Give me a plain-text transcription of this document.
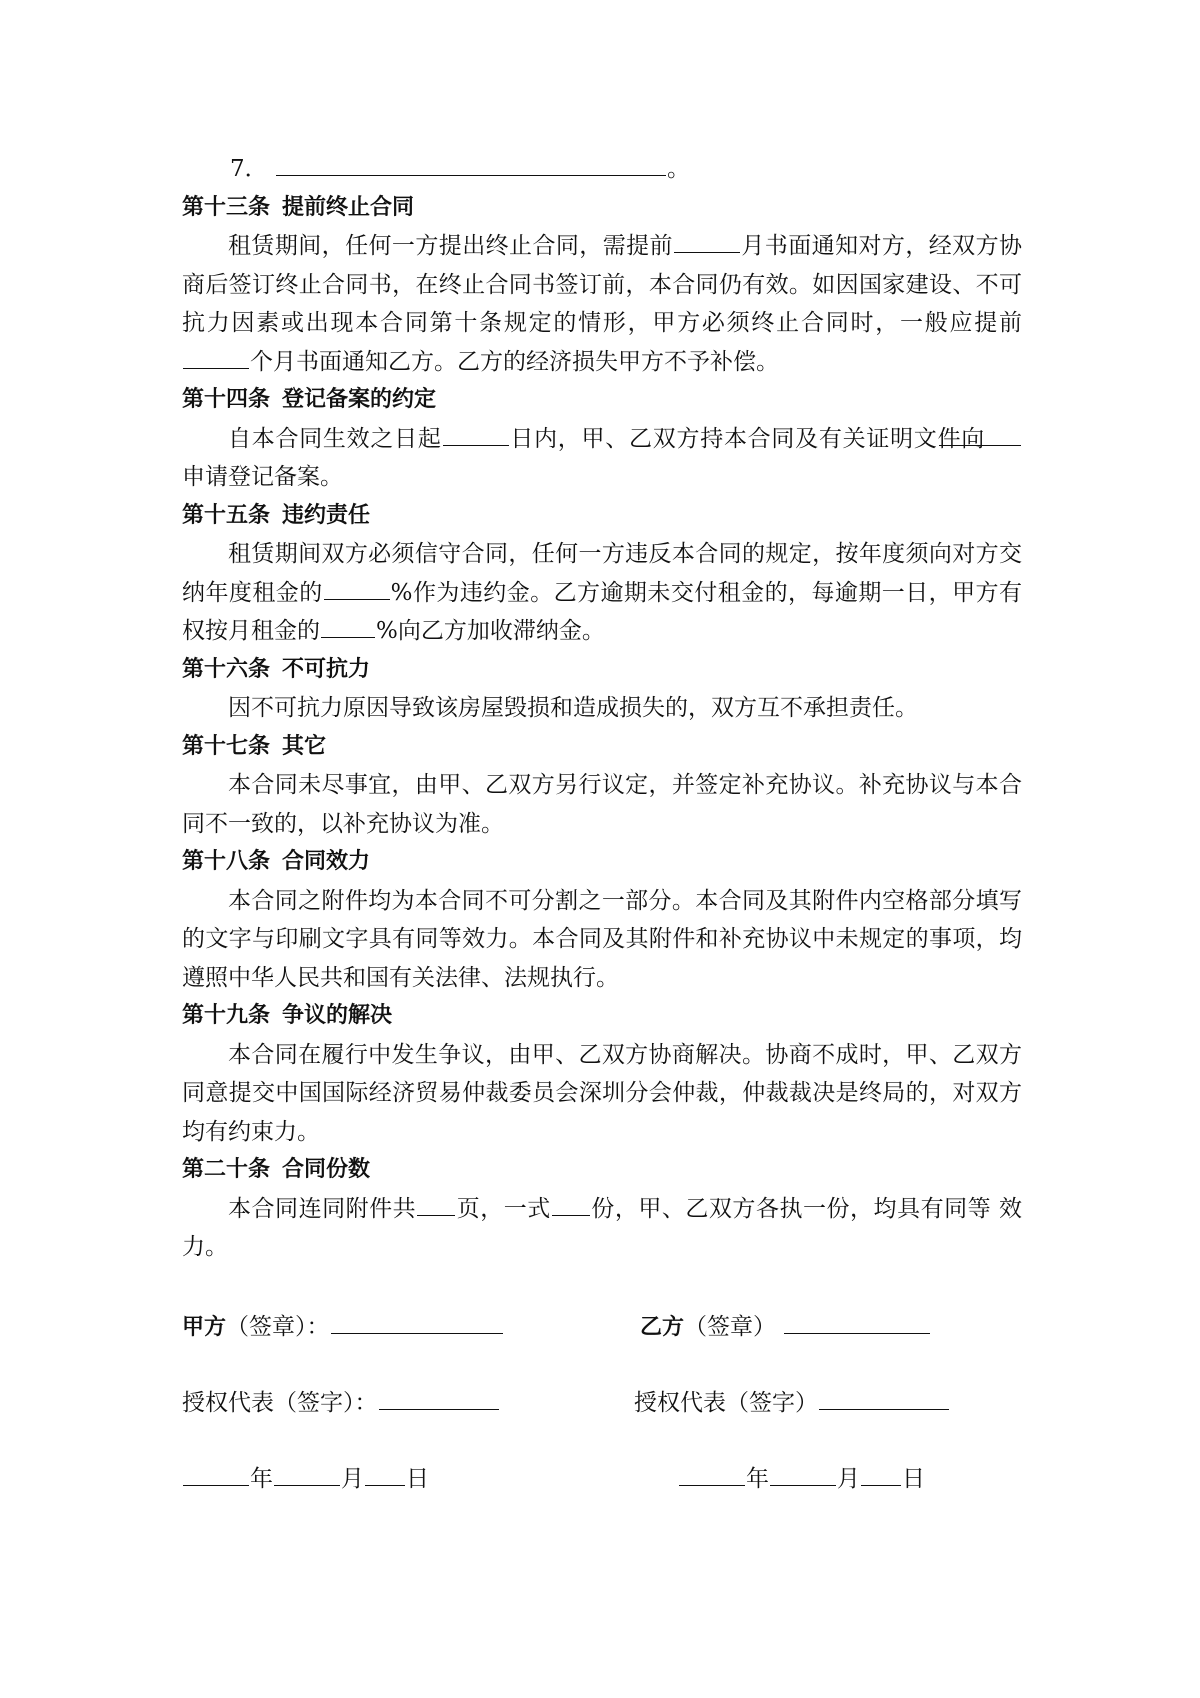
7．	。

第十三条 提前终止合同

租赁期间，任何一方提出终止合同，需提前	月书面通知对方，经双方协商后签订终止合同书，在终止合同书签订前，本合同仍有效。如因国家建设、不可抗力因素或出现本合同第十条规定的情形，甲方必须终止合同时，一般应提前个月书面通知乙方。乙方的经济损失甲方不予补偿。

第十四条 登记备案的约定

自本合同生效之日起	日内，甲、乙双方持本合同及有关证明文件向申请登记备案。

第十五条 违约责任

租赁期间双方必须信守合同，任何一方违反本合同的规定，按年度须向对方交纳年度租金的	%作为违约金。乙方逾期未交付租金的，每逾期一日，甲方有权按月租金的 %向乙方加收滞纳金。

第十六条 不可抗力

因不可抗力原因导致该房屋毁损和造成损失的，双方互不承担责任。

第十七条 其它

本合同未尽事宜，由甲、乙双方另行议定，并签定补充协议。补充协议与本合同不一致的，以补充协议为准。

第十八条 合同效力

本合同之附件均为本合同不可分割之一部分。本合同及其附件内空格部分填写的文字与印刷文字具有同等效力。本合同及其附件和补充协议中未规定的事项，均遵照中华人民共和国有关法律、法规执行。

第十九条 争议的解决

本合同在履行中发生争议，由甲、乙双方协商解决。协商不成时，甲、乙双方同意提交中国国际经济贸易仲裁委员会深圳分会仲裁，仲裁裁决是终局的，对双方均有约束力。

第二十条 合同份数

本合同连同附件共 页，一式 份，甲、乙双方各执一份，均具有同等 效力。

甲方（签章）：	乙方（签章）
授权代表（签字）：	授权代表（签字）
年	月 日	年	月 日
